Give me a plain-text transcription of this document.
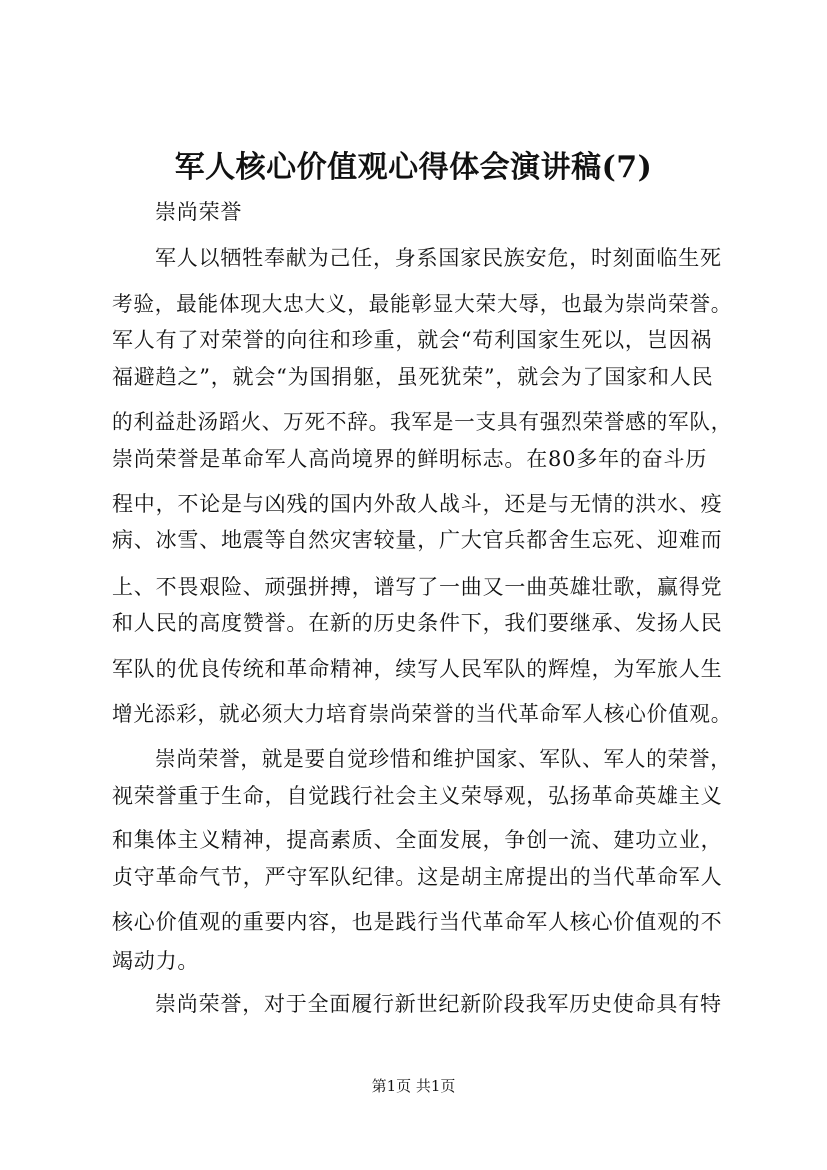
军人核心价值观心得体会演讲稿(7)
崇尚荣誉
军人以牺牲奉献为己任，身系国家民族安危，时刻面临生死
考验，最能体现大忠大义，最能彰显大荣大辱，也最为崇尚荣誉。
军人有了对荣誉的向往和珍重，就会“苟利国家生死以，岂因祸
福避趋之”，就会“为国捐躯，虽死犹荣”，就会为了国家和人民
的利益赴汤蹈火、万死不辞。我军是一支具有强烈荣誉感的军队，
崇尚荣誉是革命军人高尚境界的鲜明标志。在80多年的奋斗历
程中，不论是与凶残的国内外敌人战斗，还是与无情的洪水、疫
病、冰雪、地震等自然灾害较量，广大官兵都舍生忘死、迎难而
上、不畏艰险、顽强拼搏，谱写了一曲又一曲英雄壮歌，赢得党
和人民的高度赞誉。在新的历史条件下，我们要继承、发扬人民
军队的优良传统和革命精神，续写人民军队的辉煌，为军旅人生
增光添彩，就必须大力培育崇尚荣誉的当代革命军人核心价值观。
崇尚荣誉，就是要自觉珍惜和维护国家、军队、军人的荣誉，
视荣誉重于生命，自觉践行社会主义荣辱观，弘扬革命英雄主义
和集体主义精神，提高素质、全面发展，争创一流、建功立业，
贞守革命气节，严守军队纪律。这是胡主席提出的当代革命军人
核心价值观的重要内容，也是践行当代革命军人核心价值观的不
竭动力。
崇尚荣誉，对于全面履行新世纪新阶段我军历史使命具有特
第1页 共1页
